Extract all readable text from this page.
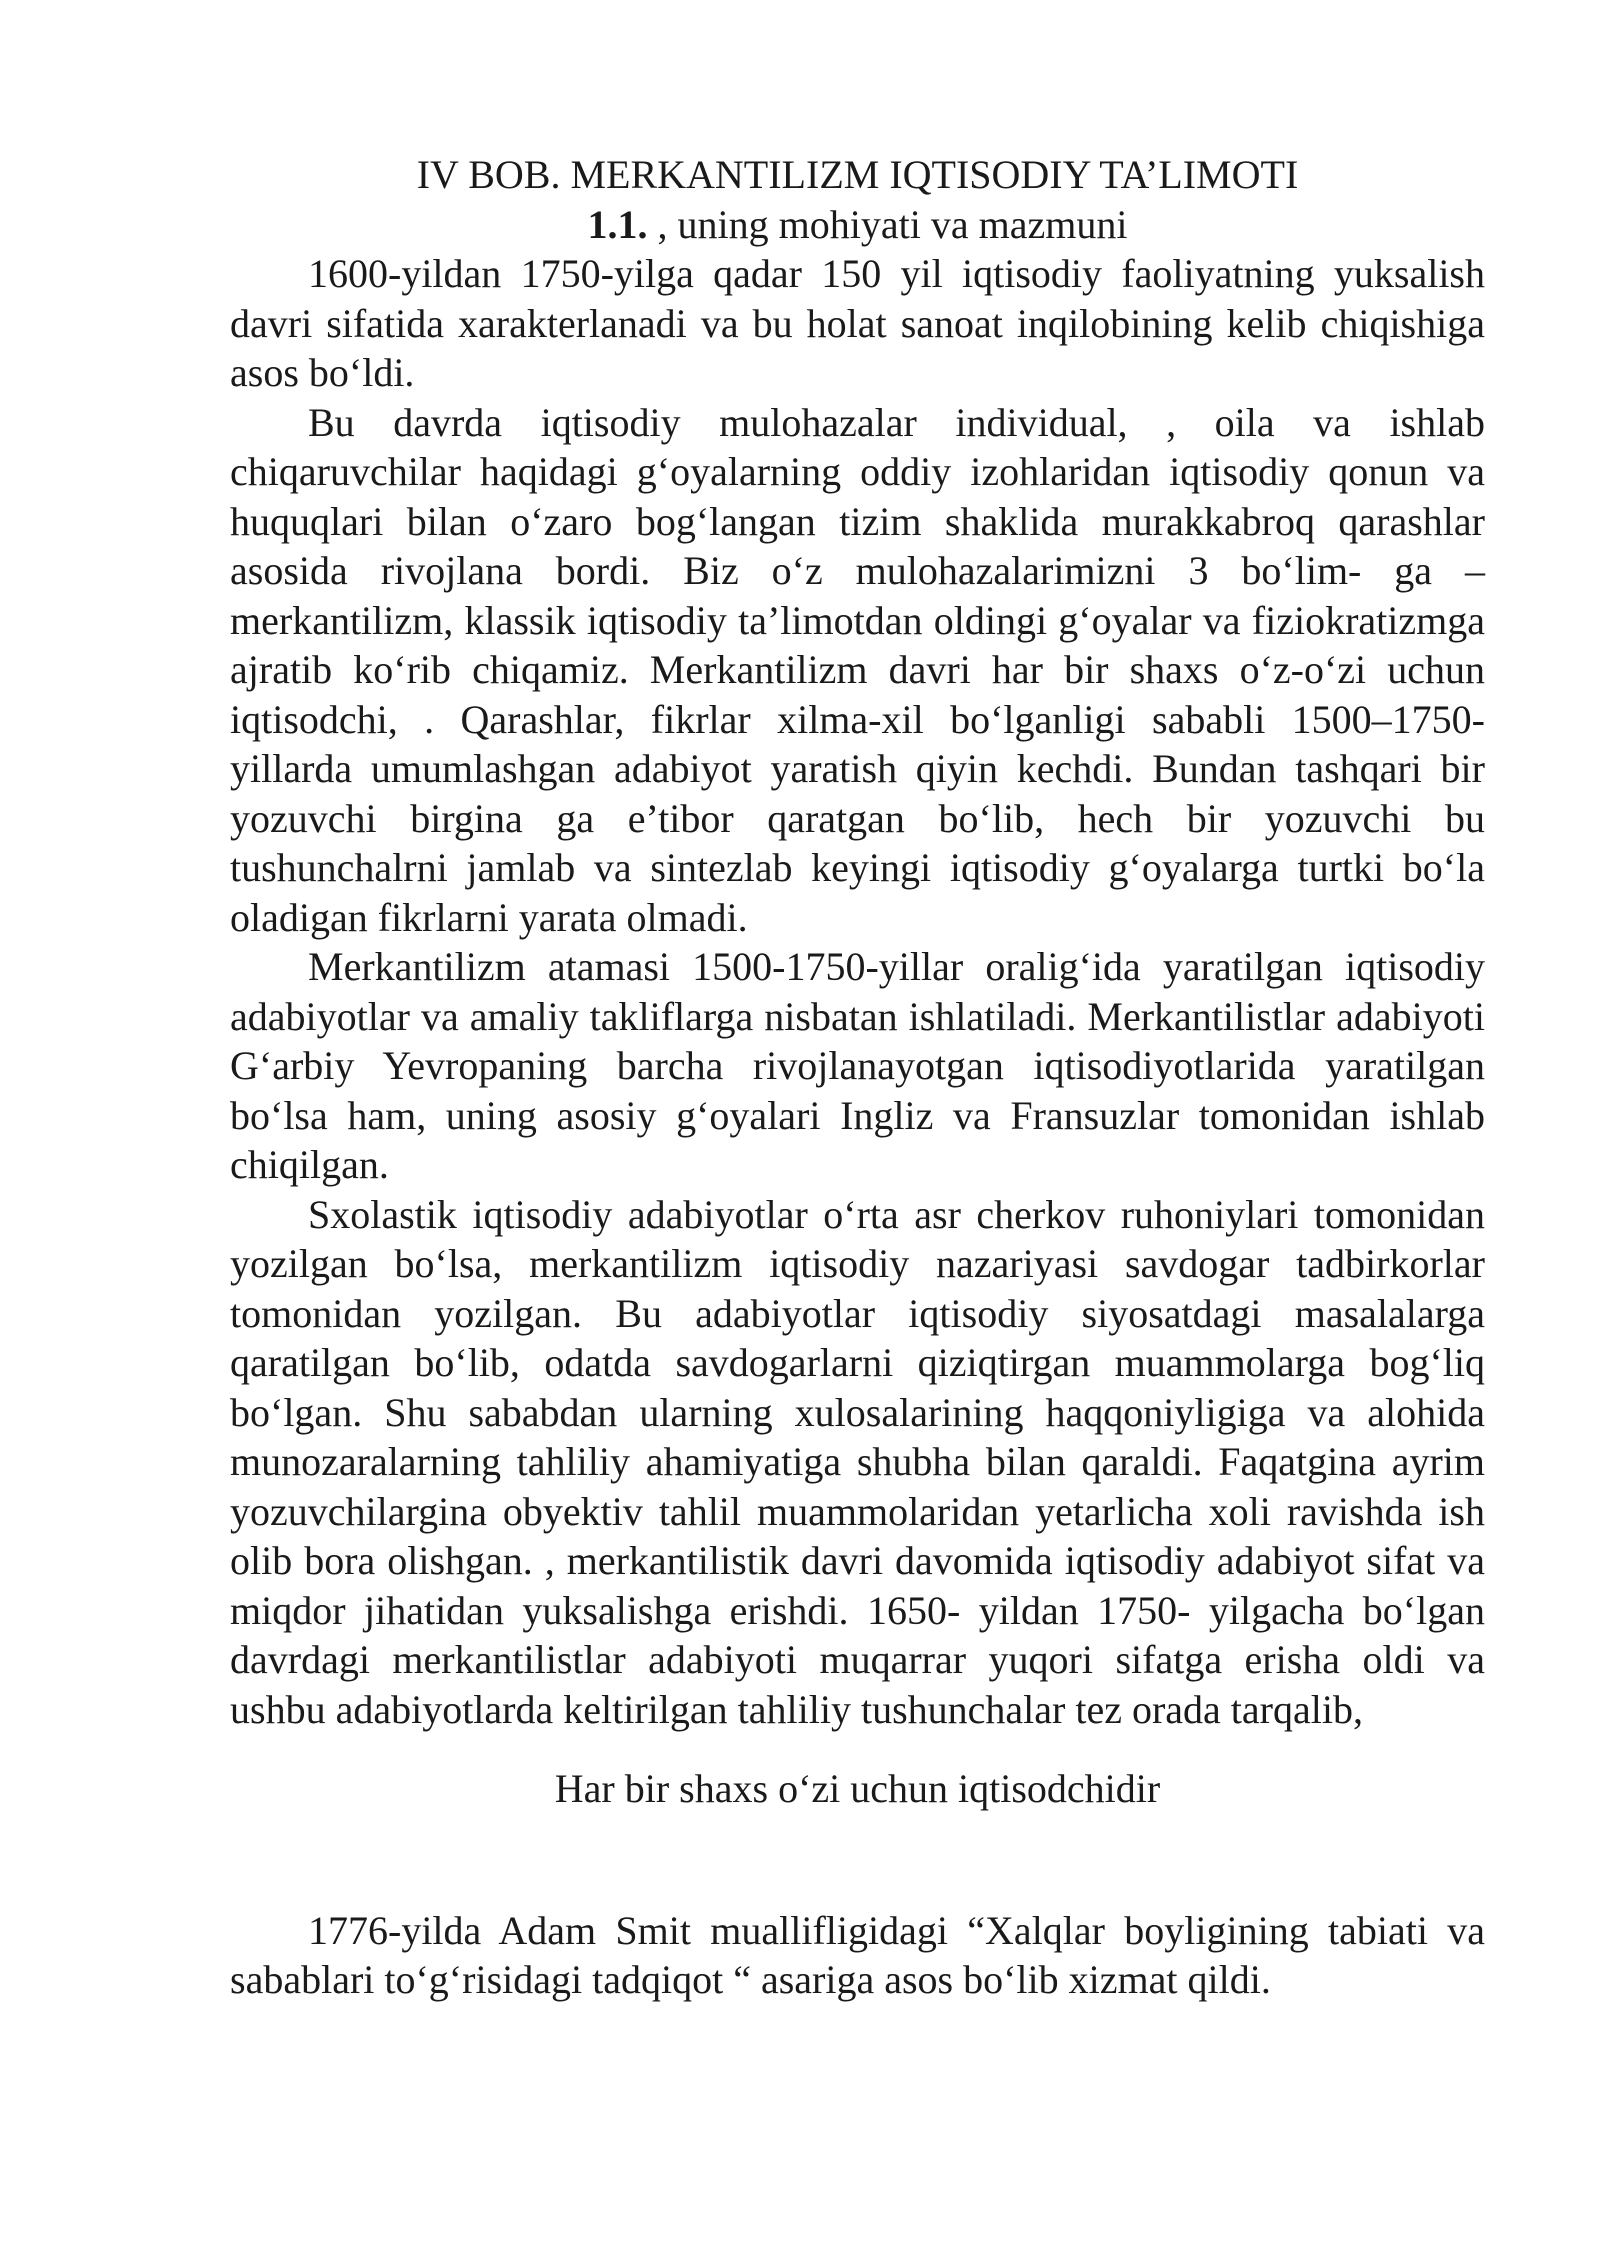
IV BOB. MERKANTILIZM IQTISODIY TA’LIMOTI

1.1. , uning mohiyati va mazmuni

1600-yildan 1750-yilga qadar 150 yil iqtisodiy faoliyatning yuksalish davri sifatida xarakterlanadi va bu holat sanoat inqilobining kelib chiqishiga asos bo‘ldi.

Bu davrda iqtisodiy mulohazalar individual, , oila va ishlab chiqaruvchilar haqidagi g‘oyalarning oddiy izohlaridan iqtisodiy qonun va huquqlari bilan o‘zaro bog‘langan tizim shaklida murakkabroq qarashlar asosida rivojlana bordi. Biz o‘z mulohazalarimizni 3 bo‘lim- ga – merkantilizm, klassik iqtisodiy ta’limotdan oldingi g‘oyalar va fiziokratizmga ajratib ko‘rib chiqamiz. Merkantilizm davri har bir shaxs o‘z-o‘zi uchun iqtisodchi, . Qarashlar, fikrlar xilma-xil bo‘lganligi sababli 1500–1750-yillarda umumlashgan adabiyot yaratish qiyin kechdi. Bundan tashqari bir yozuvchi birgina ga e’tibor qaratgan bo‘lib, hech bir yozuvchi bu tushunchalrni jamlab va sintezlab keyingi iqtisodiy g‘oyalarga turtki bo‘la oladigan fikrlarni yarata olmadi.

Merkantilizm atamasi 1500-1750-yillar oralig‘ida yaratilgan iqtisodiy adabiyotlar va amaliy takliflarga nisbatan ishlatiladi. Merkantilistlar adabiyoti G‘arbiy Yevropaning barcha rivojlanayotgan iqtisodiyotlarida yaratilgan bo‘lsa ham, uning asosiy g‘oyalari Ingliz va Fransuzlar tomonidan ishlab chiqilgan.

Sxolastik iqtisodiy adabiyotlar o‘rta asr cherkov ruhoniylari tomonidan yozilgan bo‘lsa, merkantilizm iqtisodiy nazariyasi savdogar tadbirkorlar tomonidan yozilgan. Bu adabiyotlar iqtisodiy siyosatdagi masalalarga qaratilgan bo‘lib, odatda savdogarlarni qiziqtirgan muammolarga bog‘liq bo‘lgan. Shu sababdan ularning xulosalarining haqqoniyligiga va alohida munozaralarning tahliliy ahamiyatiga shubha bilan qaraldi. Faqatgina ayrim yozuvchilargina obyektiv tahlil muammolaridan yetarlicha xoli ravishda ish olib bora olishgan. , merkantilistik davri davomida iqtisodiy adabiyot sifat va miqdor jihatidan yuksalishga erishdi. 1650- yildan 1750- yilgacha bo‘lgan davrdagi merkantilistlar adabiyoti muqarrar yuqori sifatga erisha oldi va ushbu adabiyotlarda keltirilgan tahliliy tushunchalar tez orada tarqalib,

Har bir shaxs o‘zi uchun iqtisodchidir

1776-yilda Adam Smit muallifligidagi “Xalqlar boyligining tabiati va sabablari to‘g‘risidagi tadqiqot “ asariga asos bo‘lib xizmat qildi.
